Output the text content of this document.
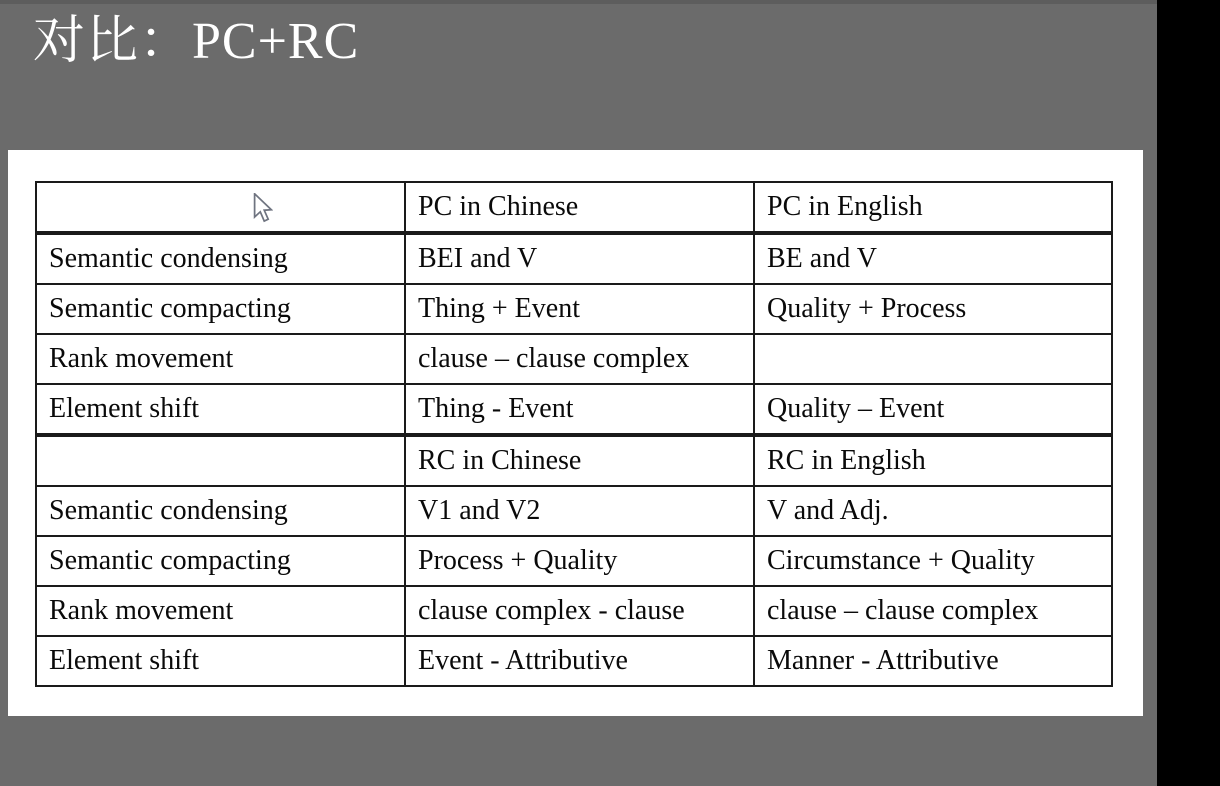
对比：PC+RC
	PC in Chinese	PC in English
Semantic condensing	BEI and V	BE and V
Semantic compacting	Thing + Event	Quality + Process
Rank movement	clause – clause complex	
Element shift	Thing - Event	Quality – Event
	RC in Chinese	RC in English
Semantic condensing	V1 and V2	V and Adj.
Semantic compacting	Process + Quality	Circumstance + Quality
Rank movement	clause complex - clause	clause – clause complex
Element shift	Event - Attributive	Manner - Attributive
